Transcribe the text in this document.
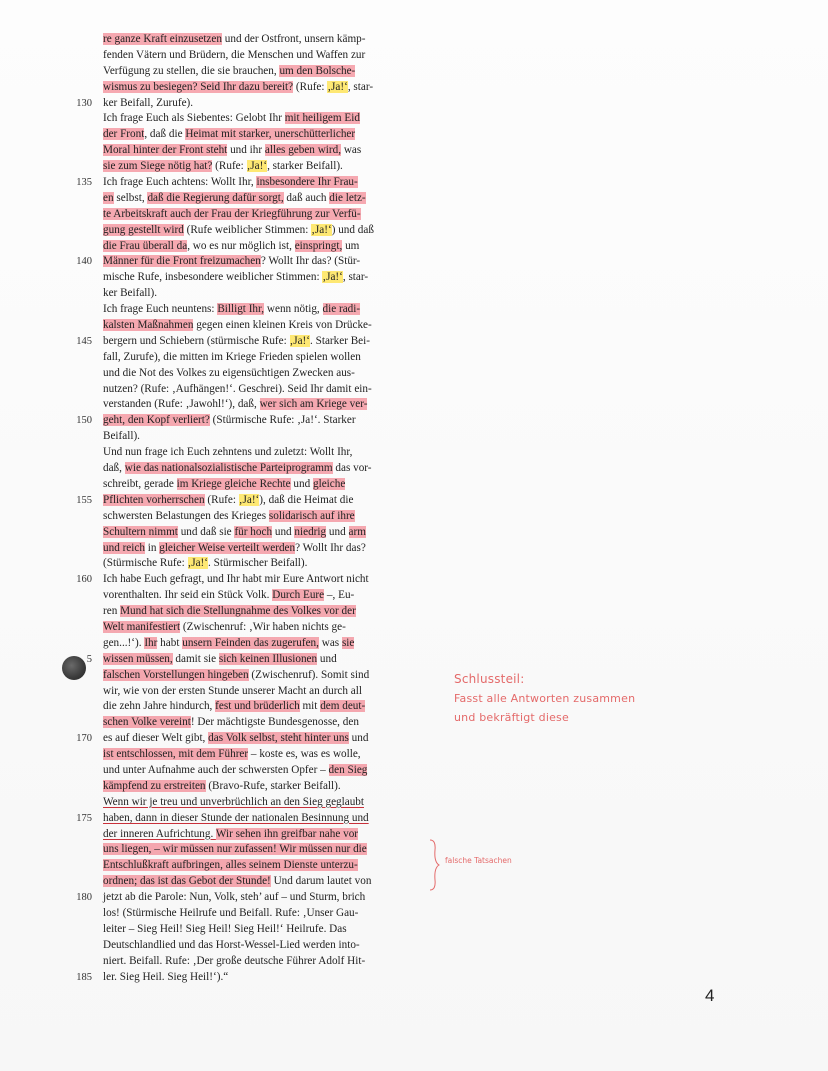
re ganze Kraft einzusetzen und der Ostfront, unsern kämp-
fenden Vätern und Brüdern, die Menschen und Waffen zur
Verfügung zu stellen, die sie brauchen, um den Bolsche-
wismus zu besiegen? Seid Ihr dazu bereit? (Rufe: ‚Ja!‘, star-
130 ker Beifall, Zurufe).
Ich frage Euch als Siebentes: Gelobt Ihr mit heiligem Eid
der Front, daß die Heimat mit starker, unerschütterlicher
Moral hinter der Front steht und ihr alles geben wird, was
sie zum Siege nötig hat? (Rufe: ‚Ja!‘, starker Beifall).
135 Ich frage Euch achtens: Wollt Ihr, insbesondere Ihr Frau-
en selbst, daß die Regierung dafür sorgt, daß auch die letz-
te Arbeitskraft auch der Frau der Kriegführung zur Verfü-
gung gestellt wird (Rufe weiblicher Stimmen: ‚Ja!‘) und daß
die Frau überall da, wo es nur möglich ist, einspringt, um
140 Männer für die Front freizumachen? Wollt Ihr das? (Stür-
mische Rufe, insbesondere weiblicher Stimmen: ‚Ja!‘, star-
ker Beifall).
Ich frage Euch neuntens: Billigt Ihr, wenn nötig, die radi-
kalsten Maßnahmen gegen einen kleinen Kreis von Drücke-
145 bergern und Schiebern (stürmische Rufe: ‚Ja!‘. Starker Bei-
fall, Zurufe), die mitten im Kriege Frieden spielen wollen
und die Not des Volkes zu eigensüchtigen Zwecken aus-
nutzen? (Rufe: ‚Aufhängen!‘. Geschrei). Seid Ihr damit ein-
verstanden (Rufe: ‚Jawohl!‘), daß, wer sich am Kriege ver-
150 geht, den Kopf verliert? (Stürmische Rufe: ‚Ja!‘. Starker
Beifall).
Und nun frage ich Euch zehntens und zuletzt: Wollt Ihr,
daß, wie das nationalsozialistische Parteiprogramm das vor-
schreibt, gerade im Kriege gleiche Rechte und gleiche
155 Pflichten vorherrschen (Rufe: ‚Ja!‘), daß die Heimat die
schwersten Belastungen des Krieges solidarisch auf ihre
Schultern nimmt und daß sie für hoch und niedrig und arm
und reich in gleicher Weise verteilt werden? Wollt Ihr das?
(Stürmische Rufe: ‚Ja!‘. Stürmischer Beifall).
160 Ich habe Euch gefragt, und Ihr habt mir Eure Antwort nicht
vorenthalten. Ihr seid ein Stück Volk. Durch Eure –, Eu-
ren Mund hat sich die Stellungnahme des Volkes vor der
Welt manifestiert (Zwischenruf: ‚Wir haben nichts ge-
gen...!‘). Ihr habt unsern Feinden das zugerufen, was sie
5 wissen müssen, damit sie sich keinen Illusionen und
falschen Vorstellungen hingeben (Zwischenruf). Somit sind
wir, wie von der ersten Stunde unserer Macht an durch all
die zehn Jahre hindurch, fest und brüderlich mit dem deut-
schen Volke vereint! Der mächtigste Bundesgenosse, den
170 es auf dieser Welt gibt, das Volk selbst, steht hinter uns und
ist entschlossen, mit dem Führer – koste es, was es wolle,
und unter Aufnahme auch der schwersten Opfer – den Sieg
kämpfend zu erstreiten (Bravo-Rufe, starker Beifall).
Wenn wir je treu und unverbrüchlich an den Sieg geglaubt
175 haben, dann in dieser Stunde der nationalen Besinnung und
der inneren Aufrichtung. Wir sehen ihn greifbar nahe vor
uns liegen, – wir müssen nur zufassen! Wir müssen nur die
Entschlußkraft aufbringen, alles seinem Dienste unterzu-
ordnen; das ist das Gebot der Stunde! Und darum lautet von
180 jetzt ab die Parole: Nun, Volk, steh’ auf – und Sturm, brich
los! (Stürmische Heilrufe und Beifall. Rufe: ‚Unser Gau-
leiter – Sieg Heil! Sieg Heil! Sieg Heil!‘ Heilrufe. Das
Deutschlandlied und das Horst-Wessel-Lied werden into-
niert. Beifall. Rufe: ‚Der große deutsche Führer Adolf Hit-
185 ler. Sieg Heil. Sieg Heil!‘).“
Schlussteil:
Fasst alle Antworten zusammen
und bekräftigt diese
falsche Tatsachen
4
